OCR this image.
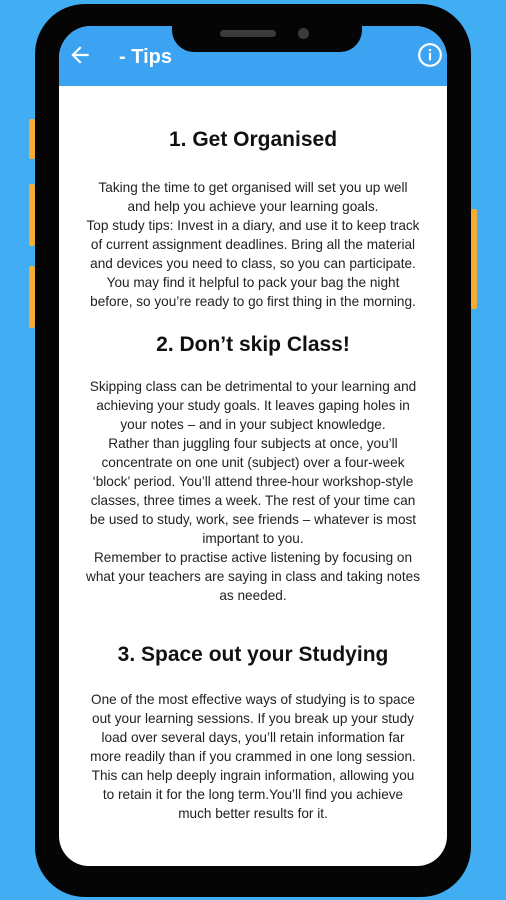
- Tips
1. Get Organised
Taking the time to get organised will set you up well
and help you achieve your learning goals.
Top study tips: Invest in a diary, and use it to keep track
of current assignment deadlines. Bring all the material
and devices you need to class, so you can participate.
You may find it helpful to pack your bag the night
before, so you’re ready to go first thing in the morning.
2. Don’t skip Class!
Skipping class can be detrimental to your learning and
achieving your study goals. It leaves gaping holes in
your notes – and in your subject knowledge.
Rather than juggling four subjects at once, you’ll
concentrate on one unit (subject) over a four-week
‘block’ period. You’ll attend three-hour workshop-style
classes, three times a week. The rest of your time can
be used to study, work, see friends – whatever is most
important to you.
Remember to practise active listening by focusing on
what your teachers are saying in class and taking notes
as needed.
3. Space out your Studying
One of the most effective ways of studying is to space
out your learning sessions. If you break up your study
load over several days, you’ll retain information far
more readily than if you crammed in one long session.
This can help deeply ingrain information, allowing you
to retain it for the long term.You’ll find you achieve
much better results for it.
